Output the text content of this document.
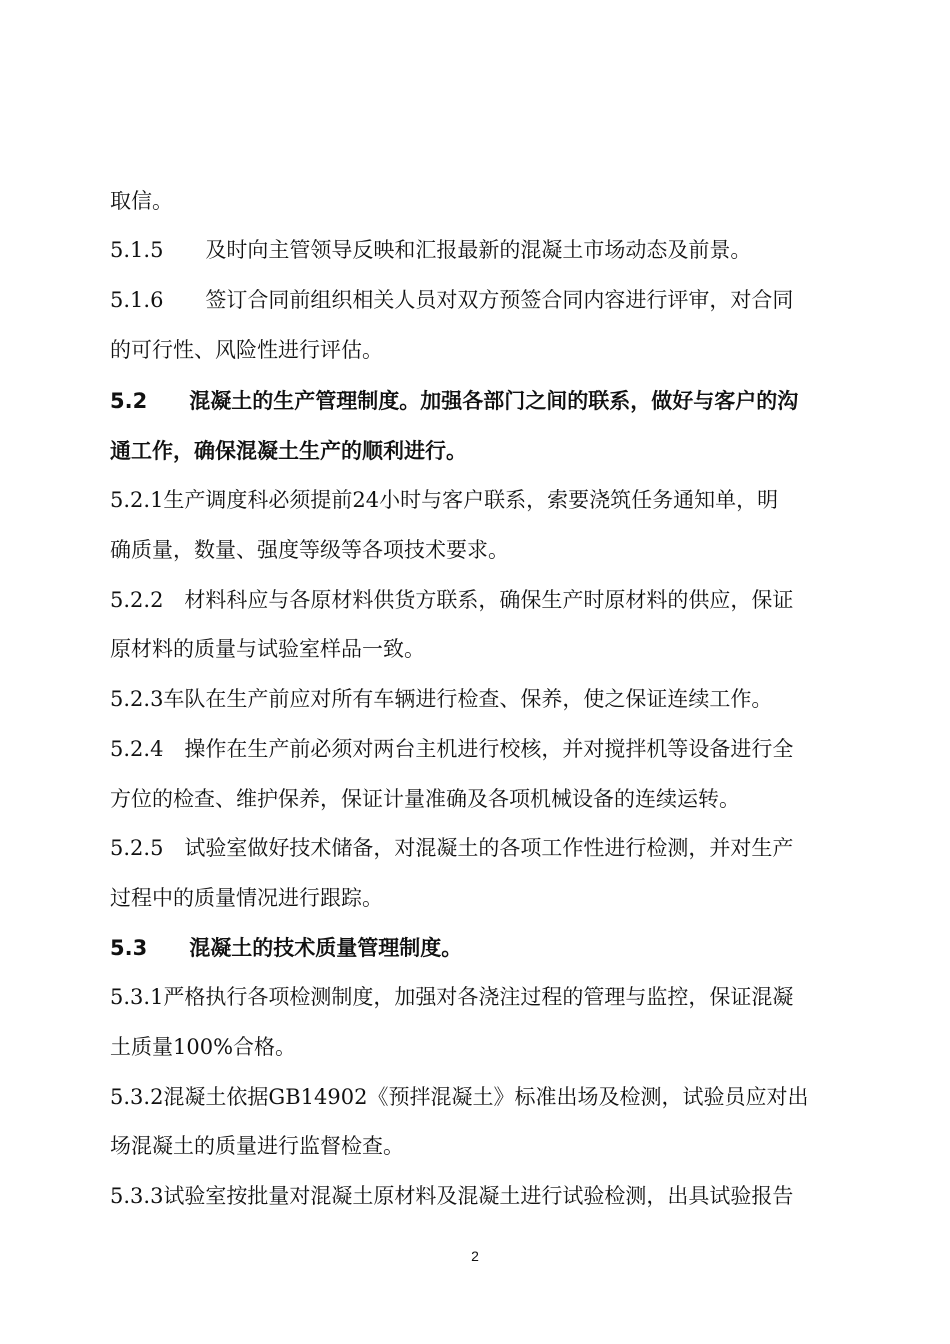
取信。
5.1.5　　及时向主管领导反映和汇报最新的混凝土市场动态及前景。
5.1.6　　签订合同前组织相关人员对双方预签合同内容进行评审，对合同
的可行性、风险性进行评估。
5.2　　混凝土的生产管理制度。加强各部门之间的联系，做好与客户的沟
通工作，确保混凝土生产的顺利进行。
5.2.1生产调度科必须提前24小时与客户联系，索要浇筑任务通知单，明
确质量，数量、强度等级等各项技术要求。
5.2.2　材料科应与各原材料供货方联系，确保生产时原材料的供应，保证
原材料的质量与试验室样品一致。
5.2.3车队在生产前应对所有车辆进行检查、保养，使之保证连续工作。
5.2.4　操作在生产前必须对两台主机进行校核，并对搅拌机等设备进行全
方位的检查、维护保养，保证计量准确及各项机械设备的连续运转。
5.2.5　试验室做好技术储备，对混凝土的各项工作性进行检测，并对生产
过程中的质量情况进行跟踪。
5.3　　混凝土的技术质量管理制度。
5.3.1严格执行各项检测制度，加强对各浇注过程的管理与监控，保证混凝
土质量100%合格。
5.3.2混凝土依据GB14902《预拌混凝土》标准出场及检测，试验员应对出
场混凝土的质量进行监督检查。
5.3.3试验室按批量对混凝土原材料及混凝土进行试验检测，出具试验报告
2
